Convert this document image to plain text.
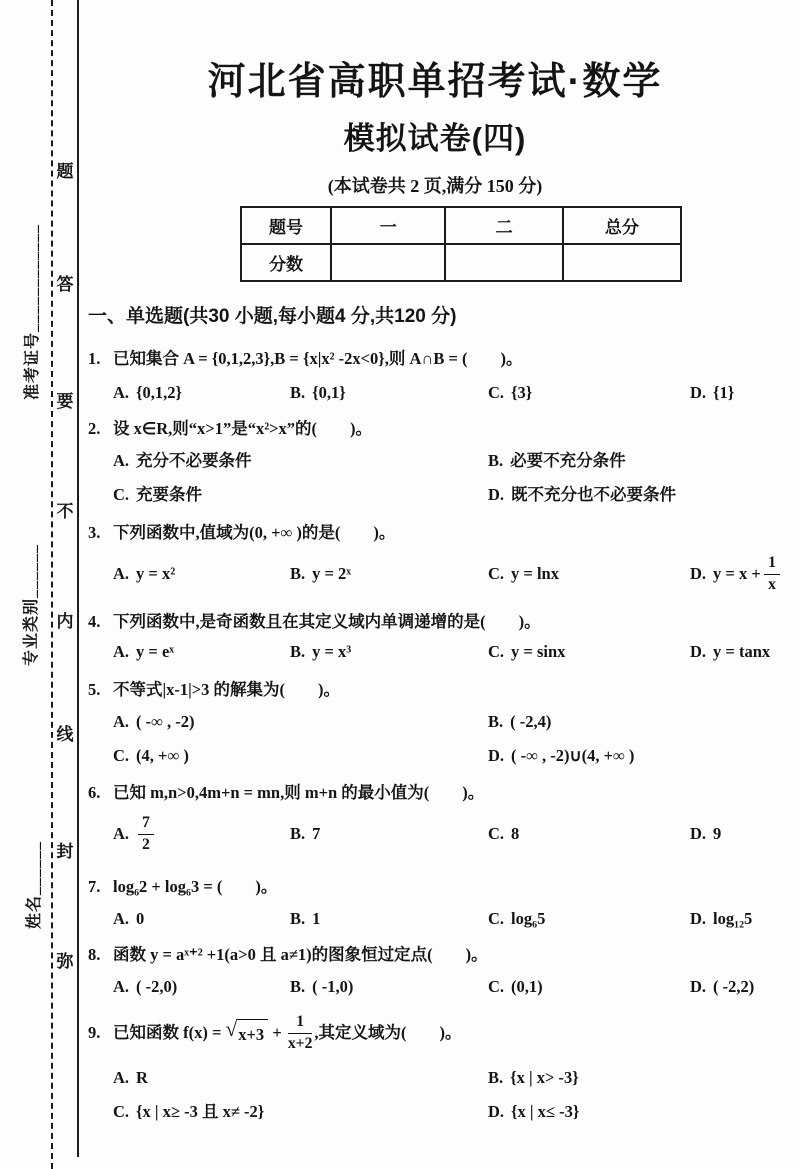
题
答
要
不
内
线
封
弥
准考证号____________
专业类别______
姓名______
河北省高职单招考试·数学
模拟试卷(四)
(本试卷共 2 页,满分 150 分)
题号	一	二	总分
分数			
一、单选题(共30 小题,每小题4 分,共120 分)
1. 已知集合 A = {0,1,2,3},B = {x|x² -2x<0},则 A∩B = (        )。
A. {0,1,2}	B. {0,1}	C. {3}	D. {1}
2. 设 x∈R,则“x>1”是“x²>x”的(        )。
A. 充分不必要条件	B. 必要不充分条件
C. 充要条件	D. 既不充分也不必要条件
3. 下列函数中,值域为(0, +∞ )的是(        )。
A. y = x²	B. y = 2ˣ	C. y = lnx	D. $y = x + \frac{1}{x}$
4. 下列函数中,是奇函数且在其定义域内单调递增的是(        )。
A. y = eˣ	B. y = x³	C. y = sinx	D. y = tanx
5. 不等式|x-1|>3 的解集为(        )。
A. ( -∞ , -2)	B. ( -2,4)
C. (4, +∞ )	D. ( -∞ , -2)∪(4, +∞ )
6. 已知 m,n>0,4m+n = mn,则 m+n 的最小值为(        )。
A. $\frac{7}{2}$	B. 7	C. 8	D. 9
7. log₆2 + log₆3 = (        )。
A. 0	B. 1	C. log₆5	D. log₁₂5
8. 函数 y = aˣ⁺² +1(a>0 且 a≠1)的图象恒过定点(        )。
A. ( -2,0)	B. ( -1,0)	C. (0,1)	D. ( -2,2)
9. 已知函数 f(x) = √ $x+3 + \frac{1}{x+2}$ ,其定义域为(        )。
A. R	B. {x | x> -3}
C. {x | x≥ -3 且 x≠ -2}	D. {x | x≤ -3}
